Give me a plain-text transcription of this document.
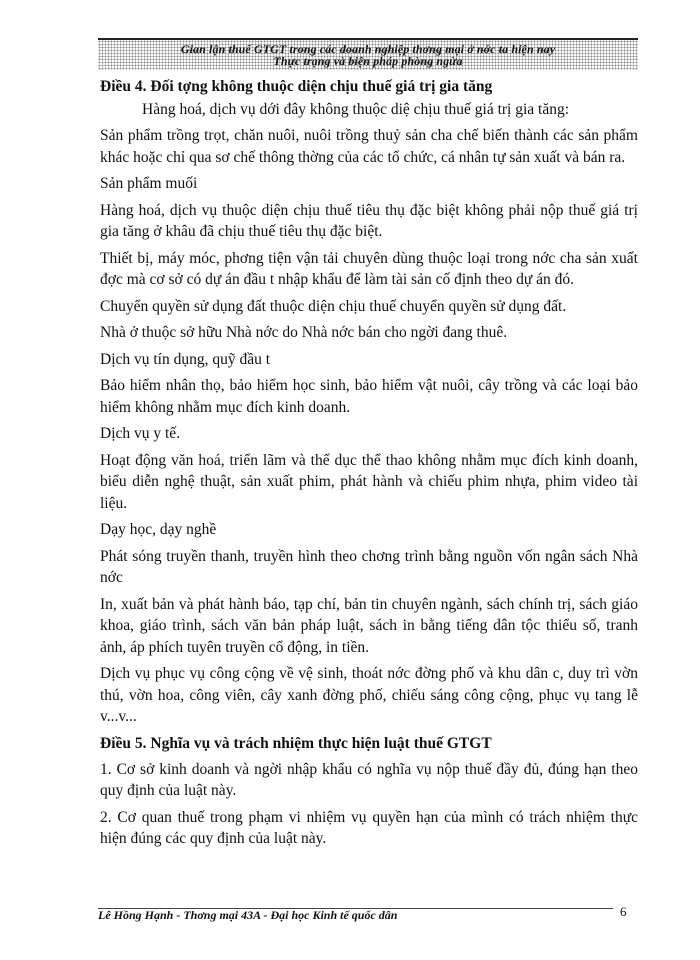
Gian lận thuế GTGT trong các doanh nghiệp thơng mại ở nớc ta hiện nay
Thực trạng và biện pháp phòng ngừa

Điều 4. Đối tợng không thuộc diện chịu thuế giá trị gia tăng

Hàng hoá, dịch vụ dới đây không thuộc diệ chịu thuế giá trị gia tăng:

Sản phẩm trồng trọt, chăn nuôi, nuôi trồng thuỷ sản cha chế biến thành các sản phẩm khác hoặc chỉ qua sơ chế thông thờng của các tổ chức, cá nhân tự sản xuất và bán ra.

Sản phẩm muối

Hàng hoá, dịch vụ thuộc diện chịu thuế tiêu thụ đặc biệt không phải nộp thuế giá trị gia tăng ở khâu đã chịu thuế tiêu thụ đặc biệt.

Thiết bị, máy móc, phơng tiện vận tải chuyên dùng thuộc loại trong nớc cha sản xuất đợc mà cơ sở có dự án đầu t nhập khẩu để làm tài sản cố định theo dự án đó.

Chuyển quyền sử dụng đất thuộc diện chịu thuế chuyển quyền sử dụng đất.

Nhà ở thuộc sở hữu Nhà nớc do Nhà nớc bán cho ngời đang thuê.

Dịch vụ tín dụng, quỹ đầu t

Bảo hiểm nhân thọ, bảo hiểm học sinh, bảo hiểm vật nuôi, cây trồng và các loại bảo hiểm không nhằm mục đích kinh doanh.

Dịch vụ y tế.

Hoạt động văn hoá, triển lãm và thể dục thể thao không nhằm mục đích kinh doanh, biểu diễn nghệ thuật, sản xuất phim, phát hành và chiếu phim nhựa, phim video tài liệu.

Dạy học, dạy nghề

Phát sóng truyền thanh, truyền hình theo chơng trình bằng nguồn vốn ngân sách Nhà nớc

In, xuất bản và phát hành báo, tạp chí, bản tin chuyên ngành, sách chính trị, sách giáo khoa, giáo trình, sách văn bản pháp luật, sách in bằng tiếng dân tộc thiểu số, tranh ảnh, áp phích tuyên truyền cổ động, in tiền.

Dịch vụ phục vụ công cộng về vệ sinh, thoát nớc đờng phố và khu dân c, duy trì vờn thú, vờn hoa, công viên, cây xanh đờng phố, chiếu sáng công cộng, phục vụ tang lễ v...v...

Điều 5. Nghĩa vụ và trách nhiệm thực hiện luật thuế GTGT

1. Cơ sở kinh doanh và ngời nhập khẩu có nghĩa vụ nộp thuế đầy đủ, đúng hạn theo quy định của luật này.

2. Cơ quan thuế trong phạm vi nhiệm vụ quyền hạn của mình có trách nhiệm thực hiện đúng các quy định của luật này.

Lê Hồng Hạnh - Thơng mại 43A - Đại học Kinh tế quốc dân	6
